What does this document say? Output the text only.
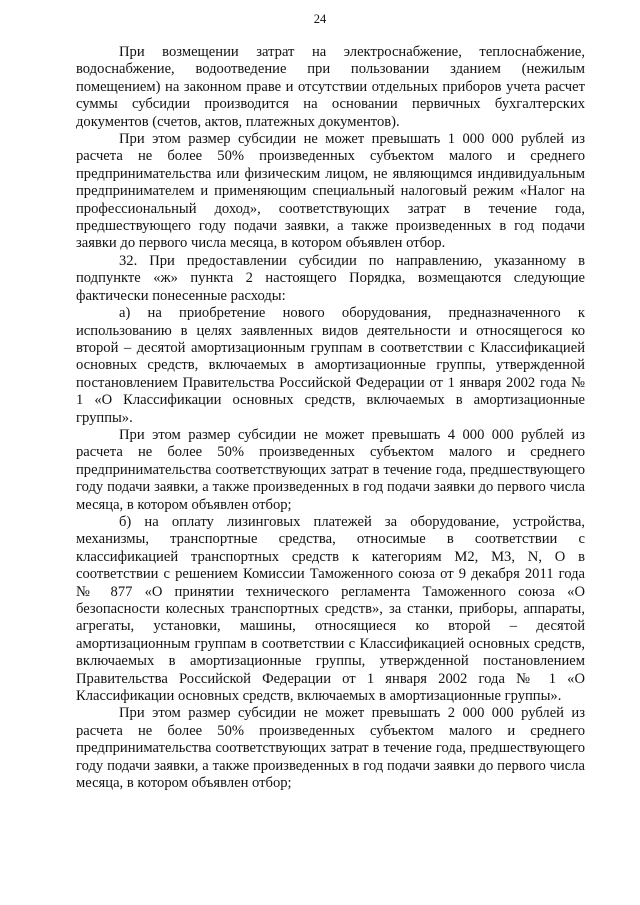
24

При возмещении затрат на электроснабжение, теплоснабжение, водоснабжение, водоотведение при пользовании зданием (нежилым помещением) на законном праве и отсутствии отдельных приборов учета расчет суммы субсидии производится на основании первичных бухгалтерских документов (счетов, актов, платежных документов).

При этом размер субсидии не может превышать 1 000 000 рублей из расчета не более 50% произведенных субъектом малого и среднего предпринимательства или физическим лицом, не являющимся индивидуальным предпринимателем и применяющим специальный налоговый режим «Налог на профессиональный доход», соответствующих затрат в течение года, предшествующего году подачи заявки, а также произведенных в год подачи заявки до первого числа месяца, в котором объявлен отбор.

32. При предоставлении субсидии по направлению, указанному в подпункте «ж» пункта 2 настоящего Порядка, возмещаются следующие фактически понесенные расходы:

а) на приобретение нового оборудования, предназначенного к использованию в целях заявленных видов деятельности и относящегося ко второй – десятой амортизационным группам в соответствии с Классификацией основных средств, включаемых в амортизационные группы, утвержденной постановлением Правительства Российской Федерации от 1 января 2002 года № 1 «О Классификации основных средств, включаемых в амортизационные группы».

При этом размер субсидии не может превышать 4 000 000 рублей из расчета не более 50% произведенных субъектом малого и среднего предпринимательства соответствующих затрат в течение года, предшествующего году подачи заявки, а также произведенных в год подачи заявки до первого числа месяца, в котором объявлен отбор;

б) на оплату лизинговых платежей за оборудование, устройства, механизмы, транспортные средства, относимые в соответствии с классификацией транспортных средств к категориям M2, M3, N, O в соответствии с решением Комиссии Таможенного союза от 9 декабря 2011 года № 877 «О принятии технического регламента Таможенного союза «О безопасности колесных транспортных средств», за станки, приборы, аппараты, агрегаты, установки, машины, относящиеся ко второй – десятой амортизационным группам в соответствии с Классификацией основных средств, включаемых в амортизационные группы, утвержденной постановлением Правительства Российской Федерации от 1 января 2002 года № 1 «О Классификации основных средств, включаемых в амортизационные группы».

При этом размер субсидии не может превышать 2 000 000 рублей из расчета не более 50% произведенных субъектом малого и среднего предпринимательства соответствующих затрат в течение года, предшествующего году подачи заявки, а также произведенных в год подачи заявки до первого числа месяца, в котором объявлен отбор;
